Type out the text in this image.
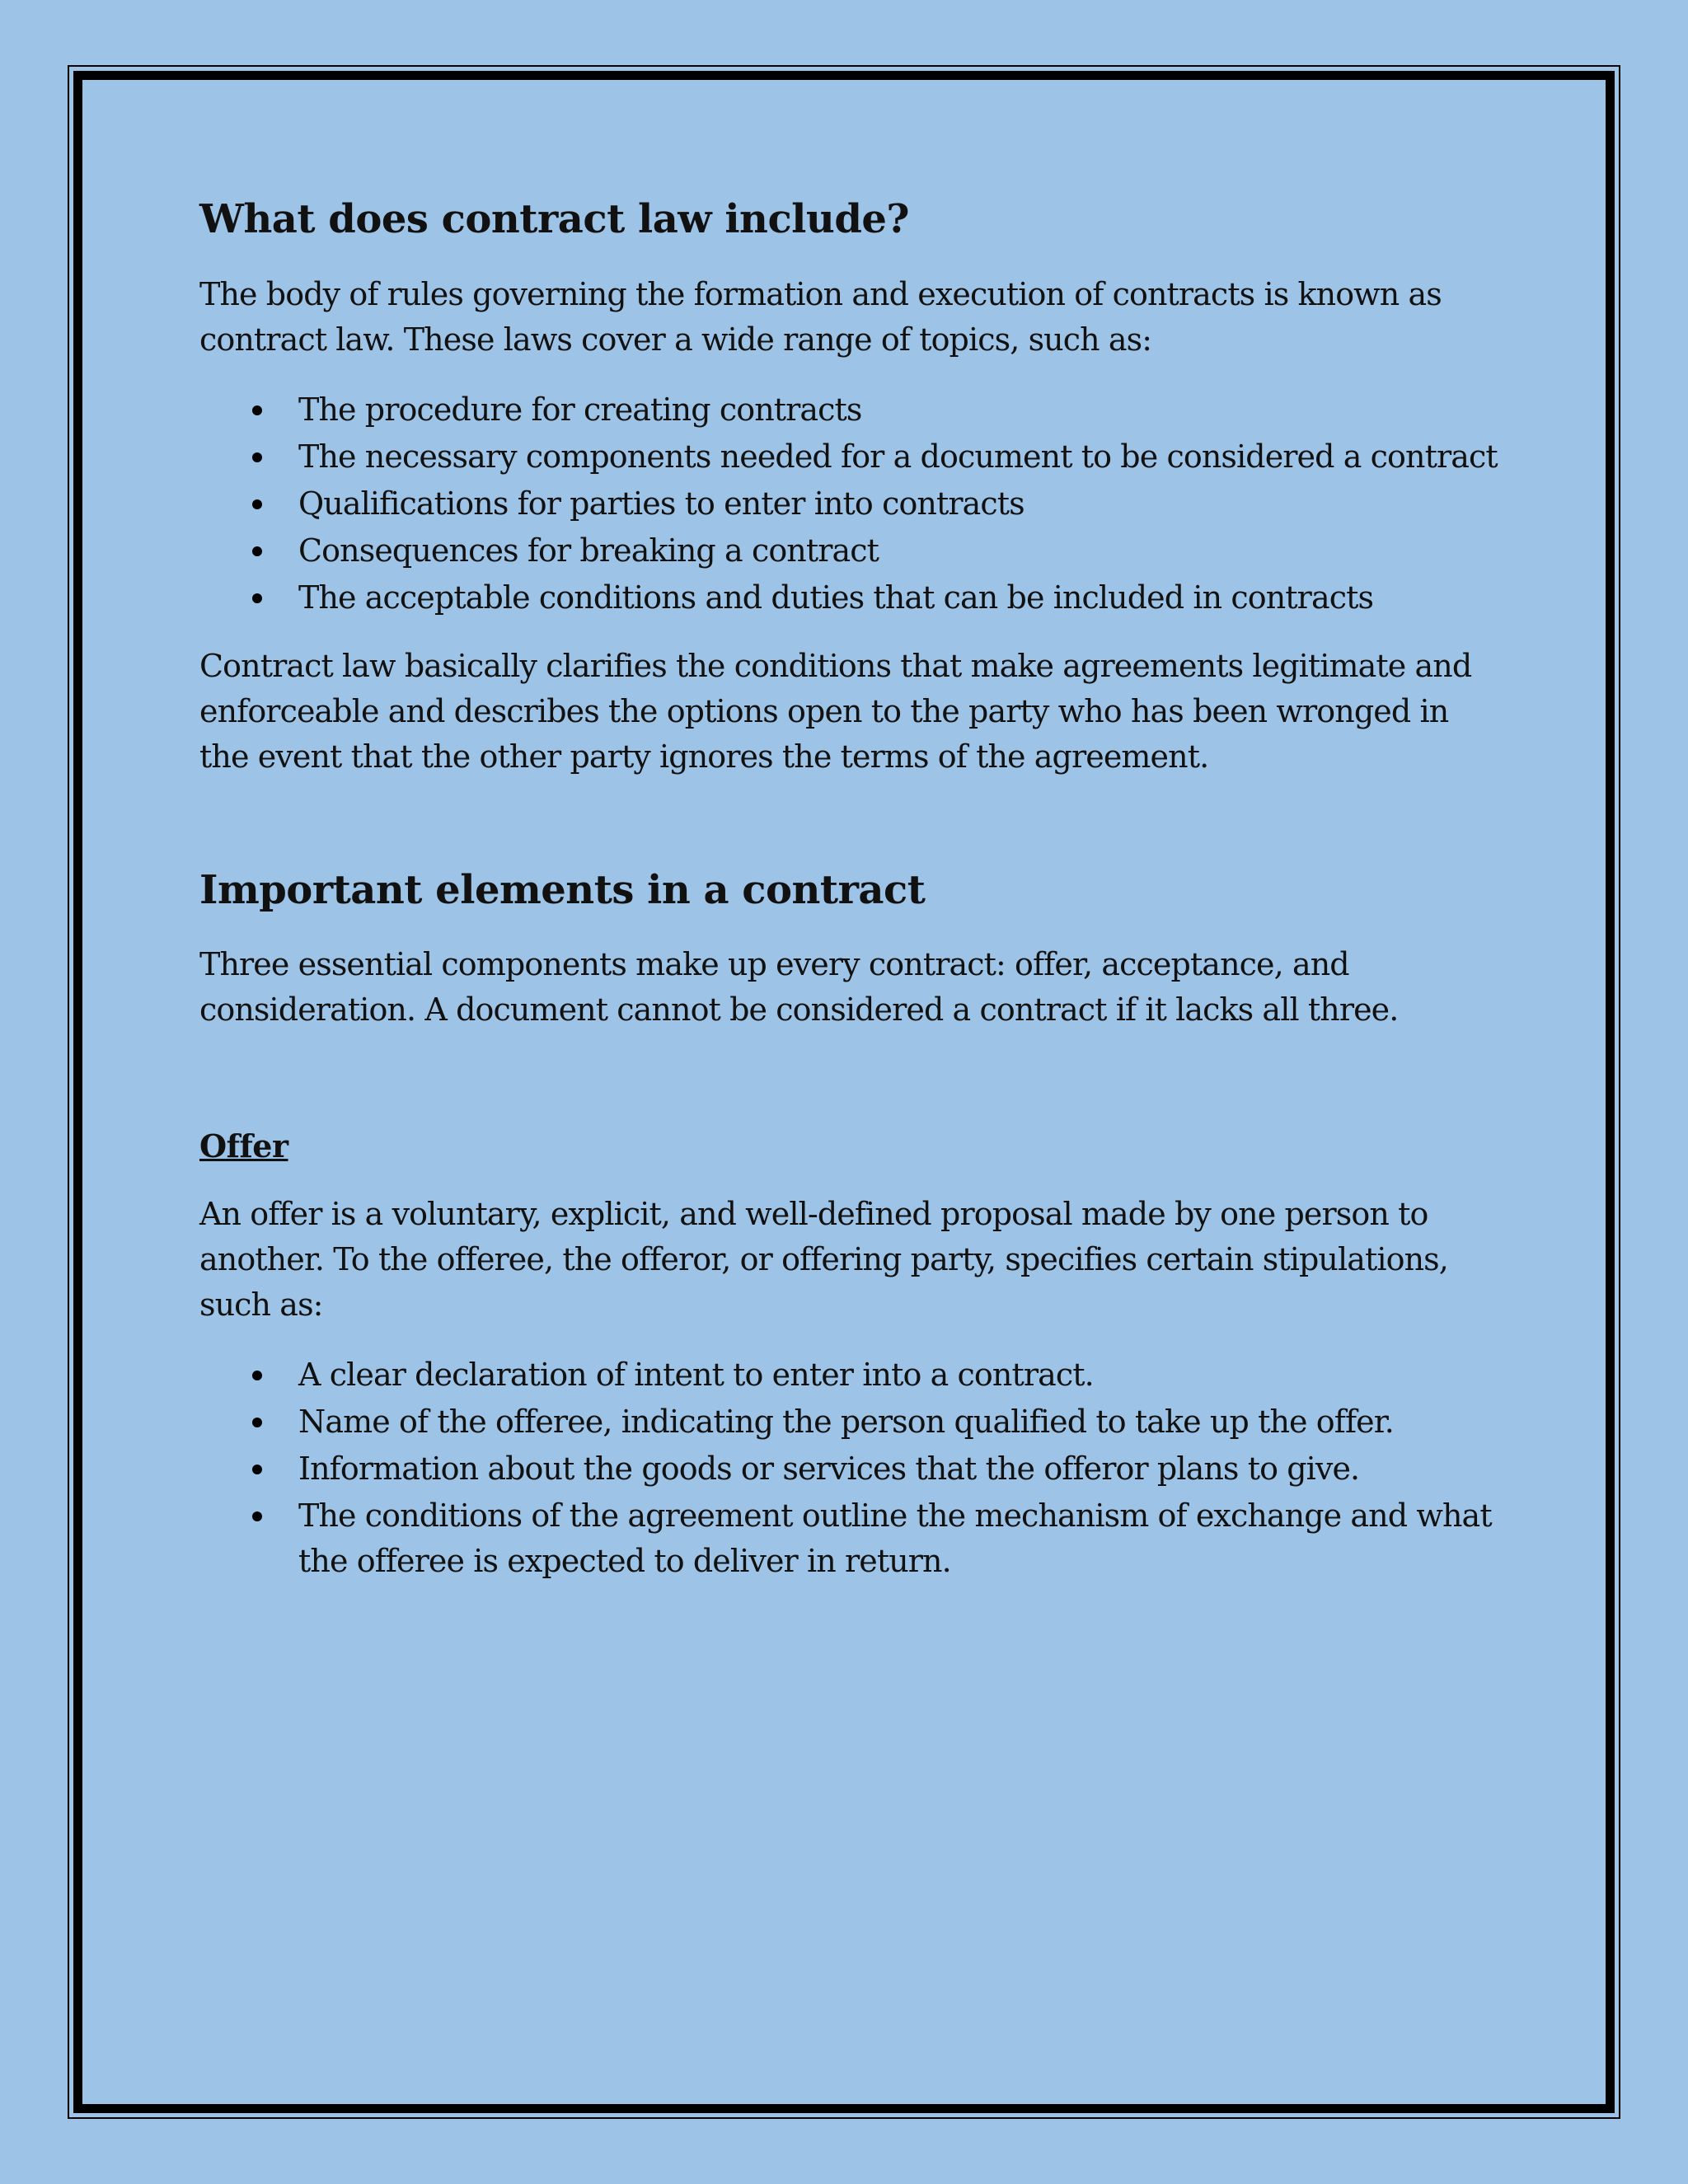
What does contract law include?

The body of rules governing the formation and execution of contracts is known as contract law. These laws cover a wide range of topics, such as:

The procedure for creating contracts
The necessary components needed for a document to be considered a contract
Qualifications for parties to enter into contracts
Consequences for breaking a contract
The acceptable conditions and duties that can be included in contracts

Contract law basically clarifies the conditions that make agreements legitimate and enforceable and describes the options open to the party who has been wronged in the event that the other party ignores the terms of the agreement.

Important elements in a contract

Three essential components make up every contract: offer, acceptance, and consideration. A document cannot be considered a contract if it lacks all three.

Offer

An offer is a voluntary, explicit, and well-defined proposal made by one person to another. To the offeree, the offeror, or offering party, specifies certain stipulations, such as:

A clear declaration of intent to enter into a contract.
Name of the offeree, indicating the person qualified to take up the offer.
Information about the goods or services that the offeror plans to give.
The conditions of the agreement outline the mechanism of exchange and what the offeree is expected to deliver in return.
